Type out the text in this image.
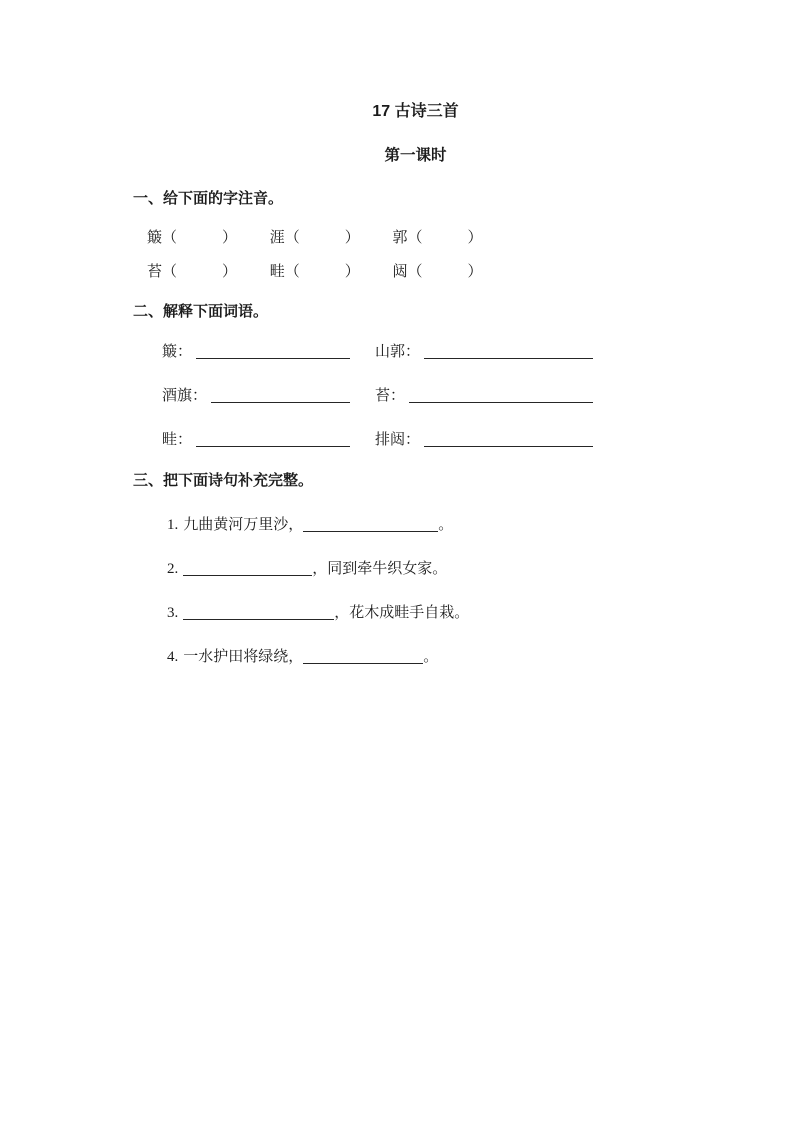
17 古诗三首
第一课时
一、给下面的字注音。
簸（	） 涯（	） 郭（	）
苔（	） 畦（	） 闼（	）
二、解释下面词语。
簸：	山郭：
酒旗：	苔：
畦：	排闼：
三、把下面诗句补充完整。
1. 九曲黄河万里沙，	。
2.	，同到牵牛织女家。
3.	，花木成畦手自栽。
4. 一水护田将绿绕，	。
